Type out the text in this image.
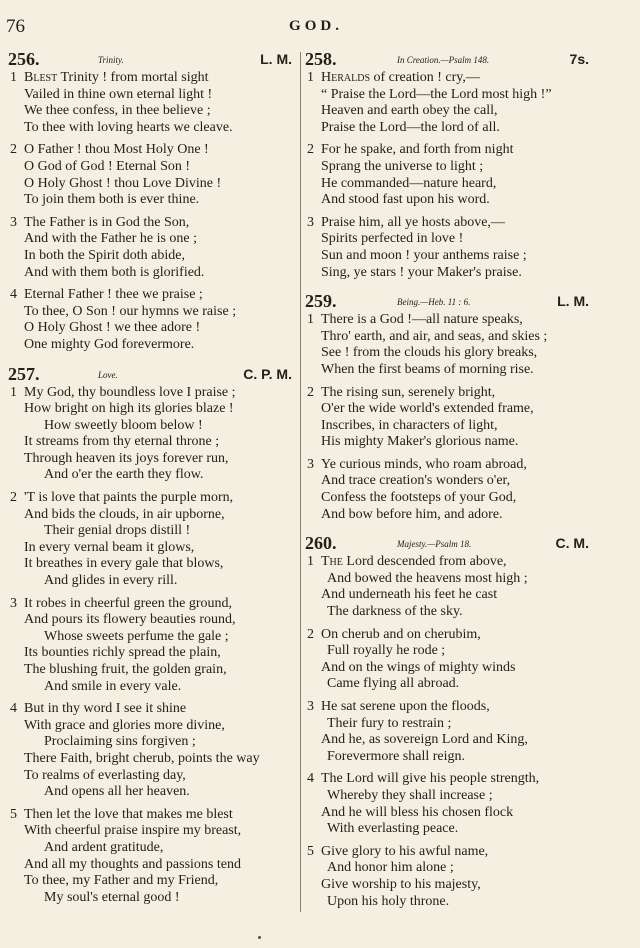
76	GOD.
256.	Trinity.	L. M.
1 Blest Trinity ! from mortal sight
Vailed in thine own eternal light !
We thee confess, in thee believe ;
To thee with loving hearts we cleave.
2 O Father ! thou Most Holy One !
O God of God ! Eternal Son !
O Holy Ghost ! thou Love Divine !
To join them both is ever thine.
3 The Father is in God the Son,
And with the Father he is one ;
In both the Spirit doth abide,
And with them both is glorified.
4 Eternal Father ! thee we praise ;
To thee, O Son ! our hymns we raise ;
O Holy Ghost ! we thee adore !
One mighty God forevermore.
257.	Love.	C. P. M.
1 My God, thy boundless love I praise ;
How bright on high its glories blaze !
How sweetly bloom below !
It streams from thy eternal throne ;
Through heaven its joys forever run,
And o'er the earth they flow.
2 'T is love that paints the purple morn,
And bids the clouds, in air upborne,
Their genial drops distill !
In every vernal beam it glows,
It breathes in every gale that blows,
And glides in every rill.
3 It robes in cheerful green the ground,
And pours its flowery beauties round,
Whose sweets perfume the gale ;
Its bounties richly spread the plain,
The blushing fruit, the golden grain,
And smile in every vale.
4 But in thy word I see it shine
With grace and glories more divine,
Proclaiming sins forgiven ;
There Faith, bright cherub, points the way
To realms of everlasting day,
And opens all her heaven.
5 Then let the love that makes me blest
With cheerful praise inspire my breast,
And ardent gratitude,
And all my thoughts and passions tend
To thee, my Father and my Friend,
My soul's eternal good !
258.	In Creation.—Psalm 148.	7s.
1 Heralds of creation ! cry,—
“ Praise the Lord—the Lord most high !”
Heaven and earth obey the call,
Praise the Lord—the lord of all.
2 For he spake, and forth from night
Sprang the universe to light ;
He commanded—nature heard,
And stood fast upon his word.
3 Praise him, all ye hosts above,—
Spirits perfected in love !
Sun and moon ! your anthems raise ;
Sing, ye stars ! your Maker's praise.
259.	Being.—Heb. 11 : 6.	L. M.
1 There is a God !—all nature speaks,
Thro' earth, and air, and seas, and skies ;
See ! from the clouds his glory breaks,
When the first beams of morning rise.
2 The rising sun, serenely bright,
O'er the wide world's extended frame,
Inscribes, in characters of light,
His mighty Maker's glorious name.
3 Ye curious minds, who roam abroad,
And trace creation's wonders o'er,
Confess the footsteps of your God,
And bow before him, and adore.
260.	Majesty.—Psalm 18.	C. M.
1 The Lord descended from above,
And bowed the heavens most high ;
And underneath his feet he cast
The darkness of the sky.
2 On cherub and on cherubim,
Full royally he rode ;
And on the wings of mighty winds
Came flying all abroad.
3 He sat serene upon the floods,
Their fury to restrain ;
And he, as sovereign Lord and King,
Forevermore shall reign.
4 The Lord will give his people strength,
Whereby they shall increase ;
And he will bless his chosen flock
With everlasting peace.
5 Give glory to his awful name,
And honor him alone ;
Give worship to his majesty,
Upon his holy throne.
